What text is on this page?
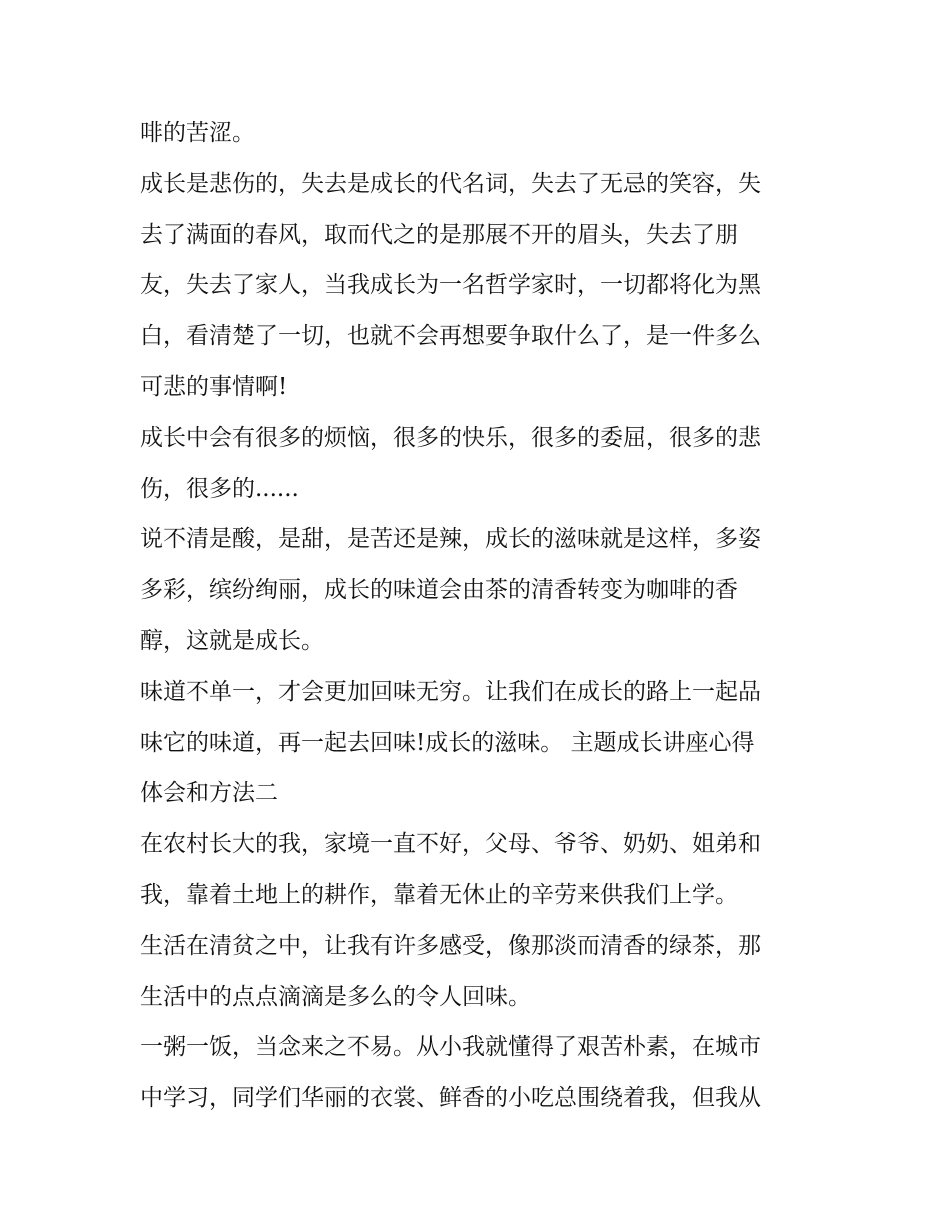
啡的苦涩。
成长是悲伤的，失去是成长的代名词，失去了无忌的笑容，失
去了满面的春风，取而代之的是那展不开的眉头，失去了朋
友，失去了家人，当我成长为一名哲学家时，一切都将化为黑
白，看清楚了一切，也就不会再想要争取什么了，是一件多么
可悲的事情啊!
成长中会有很多的烦恼，很多的快乐，很多的委屈，很多的悲
伤，很多的......
说不清是酸，是甜，是苦还是辣，成长的滋味就是这样，多姿
多彩，缤纷绚丽，成长的味道会由茶的清香转变为咖啡的香
醇，这就是成长。
味道不单一，才会更加回味无穷。让我们在成长的路上一起品
味它的味道，再一起去回味!成长的滋味。 主题成长讲座心得
体会和方法二
在农村长大的我，家境一直不好，父母、爷爷、奶奶、姐弟和
我，靠着土地上的耕作，靠着无休止的辛劳来供我们上学。
生活在清贫之中，让我有许多感受，像那淡而清香的绿茶，那
生活中的点点滴滴是多么的令人回味。
一粥一饭，当念来之不易。从小我就懂得了艰苦朴素，在城市
中学习，同学们华丽的衣裳、鲜香的小吃总围绕着我，但我从
